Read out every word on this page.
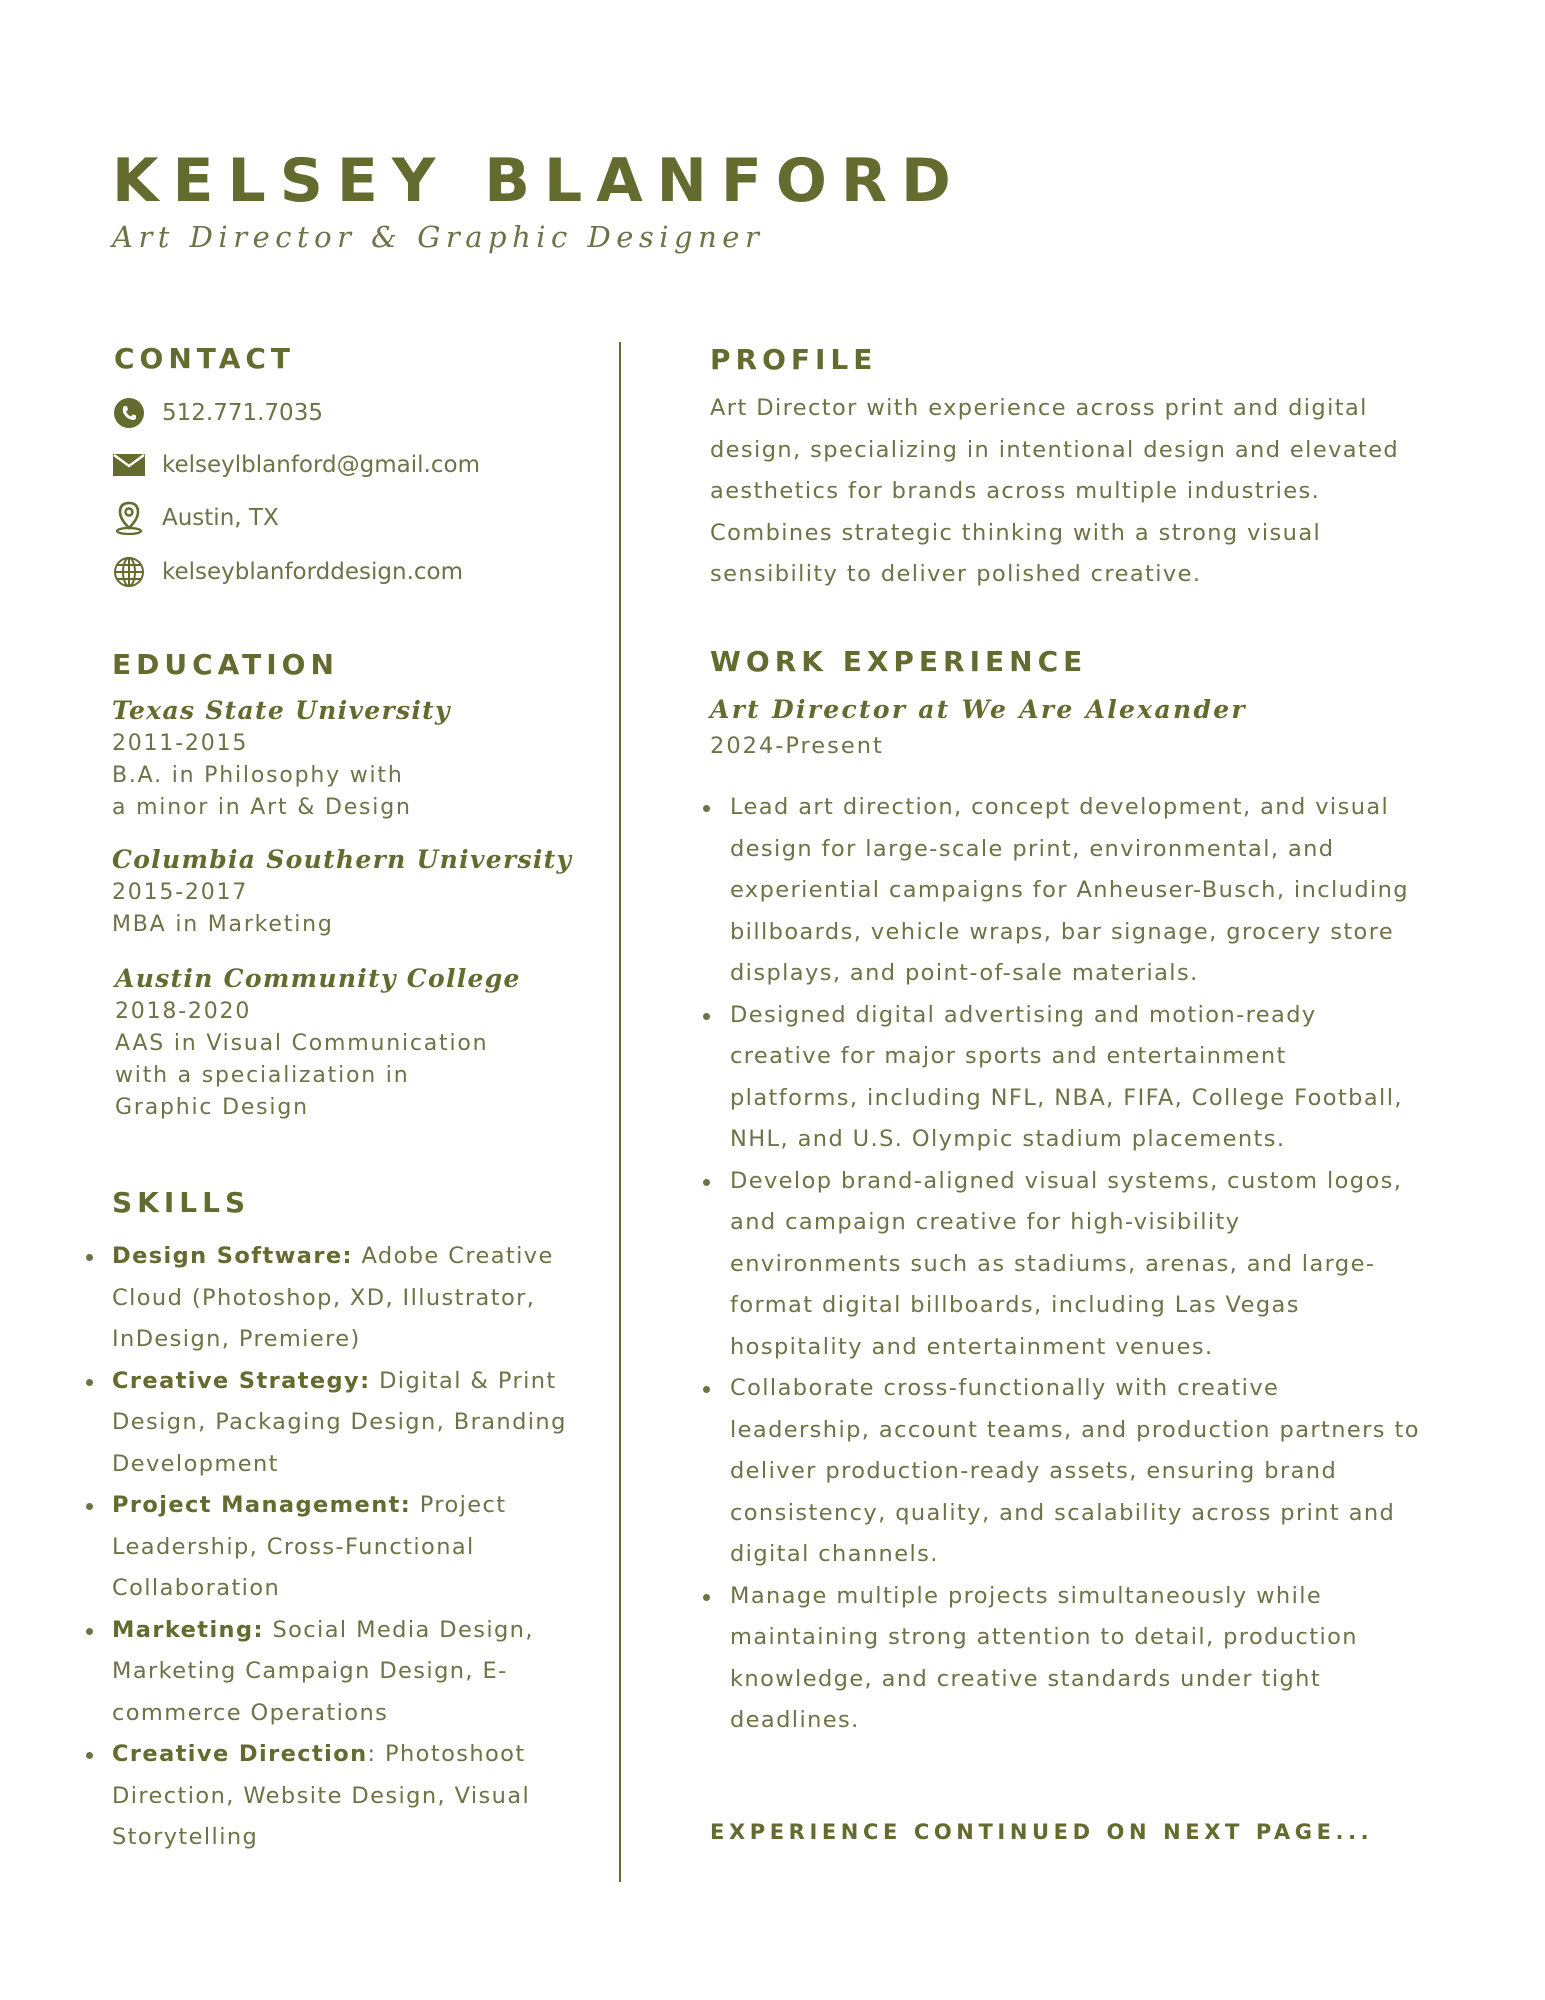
KELSEY BLANFORD
Art Director & Graphic Designer
CONTACT
512.771.7035
kelseylblanford@gmail.com
Austin, TX
kelseyblanforddesign.com
EDUCATION
Texas State University
2011-2015
B.A. in Philosophy with
a minor in Art & Design
Columbia Southern University
2015-2017
MBA in Marketing
Austin Community College
2018-2020
AAS in Visual Communication
with a specialization in
Graphic Design
SKILLS
Design Software: Adobe Creative Cloud (Photoshop, XD, Illustrator, InDesign, Premiere)
Creative Strategy: Digital & Print Design, Packaging Design, Branding Development
Project Management: Project Leadership, Cross-Functional Collaboration
Marketing: Social Media Design, Marketing Campaign Design, E-commerce Operations
Creative Direction: Photoshoot Direction, Website Design, Visual Storytelling
PROFILE
Art Director with experience across print and digital design, specializing in intentional design and elevated aesthetics for brands across multiple industries. Combines strategic thinking with a strong visual sensibility to deliver polished creative.
WORK EXPERIENCE
Art Director at We Are Alexander
2024-Present
Lead art direction, concept development, and visual design for large-scale print, environmental, and experiential campaigns for Anheuser-Busch, including billboards, vehicle wraps, bar signage, grocery store displays, and point-of-sale materials.
Designed digital advertising and motion-ready creative for major sports and entertainment platforms, including NFL, NBA, FIFA, College Football, NHL, and U.S. Olympic stadium placements.
Develop brand-aligned visual systems, custom logos, and campaign creative for high-visibility environments such as stadiums, arenas, and large-format digital billboards, including Las Vegas hospitality and entertainment venues.
Collaborate cross-functionally with creative leadership, account teams, and production partners to deliver production-ready assets, ensuring brand consistency, quality, and scalability across print and digital channels.
Manage multiple projects simultaneously while maintaining strong attention to detail, production knowledge, and creative standards under tight deadlines.
EXPERIENCE CONTINUED ON NEXT PAGE...
